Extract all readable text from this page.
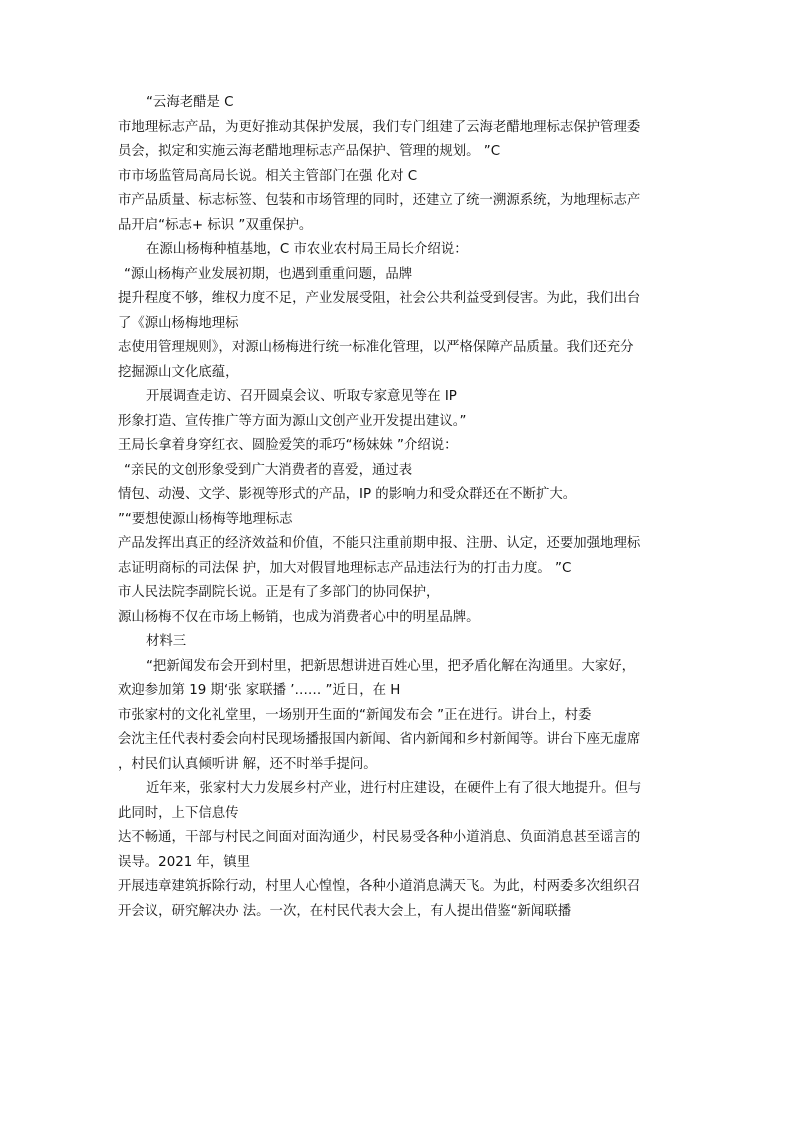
“云海老醋是 C
市地理标志产品，为更好推动其保护发展，我们专门组建了云海老醋地理标志保护管理委
员会，拟定和实施云海老醋地理标志产品保护、管理的规划。 ”C
市市场监管局高局长说。相关主管部门在强 化对 C
市产品质量、标志标签、包装和市场管理的同时，还建立了统一溯源系统，为地理标志产
品开启“标志+ 标识 ”双重保护。
在源山杨梅种植基地，C 市农业农村局王局长介绍说：
“源山杨梅产业发展初期，也遇到重重问题，品牌
提升程度不够，维权力度不足，产业发展受阻，社会公共利益受到侵害。为此，我们出台
了《源山杨梅地理标
志使用管理规则》，对源山杨梅进行统一标准化管理，以严格保障产品质量。我们还充分
挖掘源山文化底蕴，
开展调查走访、召开圆桌会议、听取专家意见等在 IP
形象打造、宣传推广等方面为源山文创产业开发提出建议。”
王局长拿着身穿红衣、圆脸爱笑的乖巧“杨妹妹 ”介绍说：
“亲民的文创形象受到广大消费者的喜爱，通过表
情包、动漫、文学、影视等形式的产品，IP 的影响力和受众群还在不断扩大。
”“要想使源山杨梅等地理标志
产品发挥出真正的经济效益和价值，不能只注重前期申报、注册、认定，还要加强地理标
志证明商标的司法保 护，加大对假冒地理标志产品违法行为的打击力度。 ”C
市人民法院李副院长说。正是有了多部门的协同保护，
源山杨梅不仅在市场上畅销，也成为消费者心中的明星品牌。
材料三
“把新闻发布会开到村里，把新思想讲进百姓心里，把矛盾化解在沟通里。大家好，
欢迎参加第 19 期‘张 家联播 ’…… ”近日，在 H
市张家村的文化礼堂里，一场别开生面的“新闻发布会 ”正在进行。讲台上，村委
会沈主任代表村委会向村民现场播报国内新闻、省内新闻和乡村新闻等。讲台下座无虚席
，村民们认真倾听讲 解，还不时举手提问。
近年来，张家村大力发展乡村产业，进行村庄建设，在硬件上有了很大地提升。但与
此同时，上下信息传
达不畅通，干部与村民之间面对面沟通少，村民易受各种小道消息、负面消息甚至谣言的
误导。2021 年，镇里
开展违章建筑拆除行动，村里人心惶惶，各种小道消息满天飞。为此，村两委多次组织召
开会议，研究解决办 法。一次，在村民代表大会上，有人提出借鉴“新闻联播
